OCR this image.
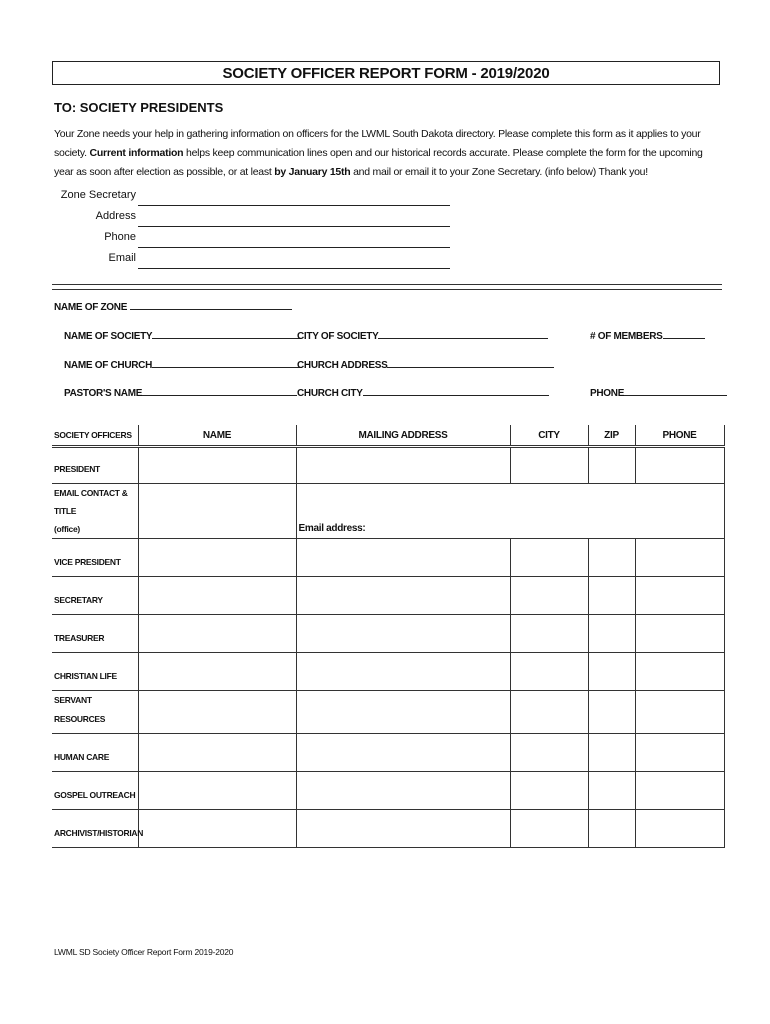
SOCIETY OFFICER REPORT FORM - 2019/2020
TO: SOCIETY PRESIDENTS
Your Zone needs your help in gathering information on officers for the LWML South Dakota directory. Please complete this form as it applies to your society. Current information helps keep communication lines open and our historical records accurate. Please complete the form for the upcoming year as soon after election as possible, or at least by January 15th and mail or email it to your Zone Secretary. (info below) Thank you!
Zone Secretary
Address
Phone
Email
NAME OF ZONE
NAME OF SOCIETY	CITY OF SOCIETY	# OF MEMBERS
NAME OF CHURCH	CHURCH ADDRESS
PASTOR'S NAME	CHURCH CITY	PHONE
SOCIETY OFFICERS	NAME	MAILING ADDRESS	CITY	ZIP	PHONE
PRESIDENT					

EMAIL CONTACT & TITLE
(office)		Email address:			
VICE PRESIDENT					
SECRETARY					
TREASURER					
CHRISTIAN LIFE					
SERVANT RESOURCES					
HUMAN CARE					
GOSPEL OUTREACH					
ARCHIVIST/HISTORIAN					
LWML SD Society Officer Report Form 2019-2020
